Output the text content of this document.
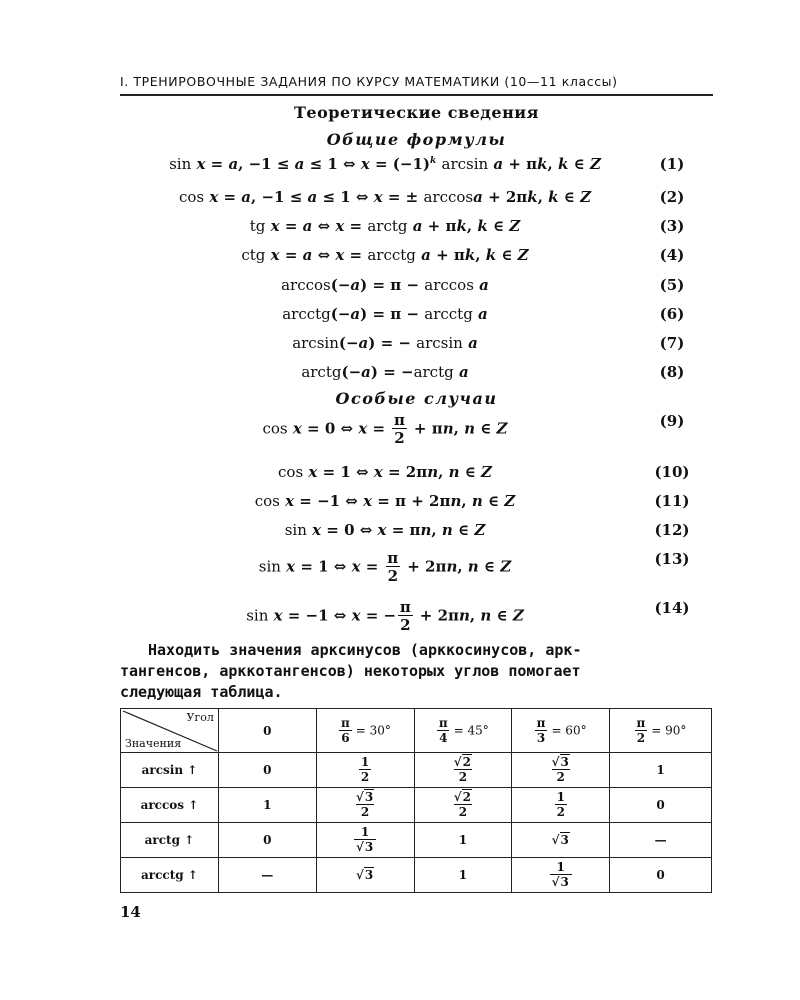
I. ТРЕНИРОВОЧНЫЕ ЗАДАНИЯ ПО КУРСУ МАТЕМАТИКИ (10—11 классы)
Теоретические сведения
Общие формулы
sin x = a, −1 ≤ a ≤ 1 ⇔ $x = (-1)^k$ arcsin a + πk, k ∈ Z	(1)
cos x = a, −1 ≤ a ≤ 1 ⇔ x = ± arccosa + 2πk, k ∈ Z	(2)
tg x = a ⇔ x = arctg a + πk, k ∈ Z	(3)
ctg x = a ⇔ x = arcctg a + πk, k ∈ Z	(4)
arccos(−a) = π − arccos a	(5)
arcctg(−a) = π − arcctg a	(6)
arcsin(−a) = − arcsin a	(7)
arctg(−a) = −arctg a	(8)
Особые случаи
cos x = 0 ⇔ $x = \frac{\pi}{2} + \pi n$, n ∈ Z	(9)
cos x = 1 ⇔ x = 2πn, n ∈ Z	(10)
cos x = −1 ⇔ x = π + 2πn, n ∈ Z	(11)
sin x = 0 ⇔ x = πn, n ∈ Z	(12)
sin x = 1 ⇔ $x = \frac{\pi}{2} + 2\pi n$, n ∈ Z	(13)
sin x = −1 ⇔ x = − $\frac{\pi}{2} + 2\pi n$, n ∈ Z	(14)
Находить значения арксинусов (арккосинусов, арк-
тангенсов, арккотангенсов) некоторых углов помогает
следующая таблица.
Угол
Значения	0	$\frac{\pi}{6} = 30^\circ$	$\frac{\pi}{4} = 45^\circ$	$\frac{\pi}{3} = 60^\circ$	$\frac{\pi}{2} = 90^\circ$
arcsin ↑	0	$\frac{1}{2}$	$\frac{√2}{2}$	$\frac{√3}{2}$	1
arccos ↑	1	$\frac{√3}{2}$	$\frac{√2}{2}$	$\frac{1}{2}$	0
arctg ↑	0	$\frac{1}{√3}$	1	√3	—
arcctg ↑	—	√3	1	$\frac{1}{√3}$	0
14
